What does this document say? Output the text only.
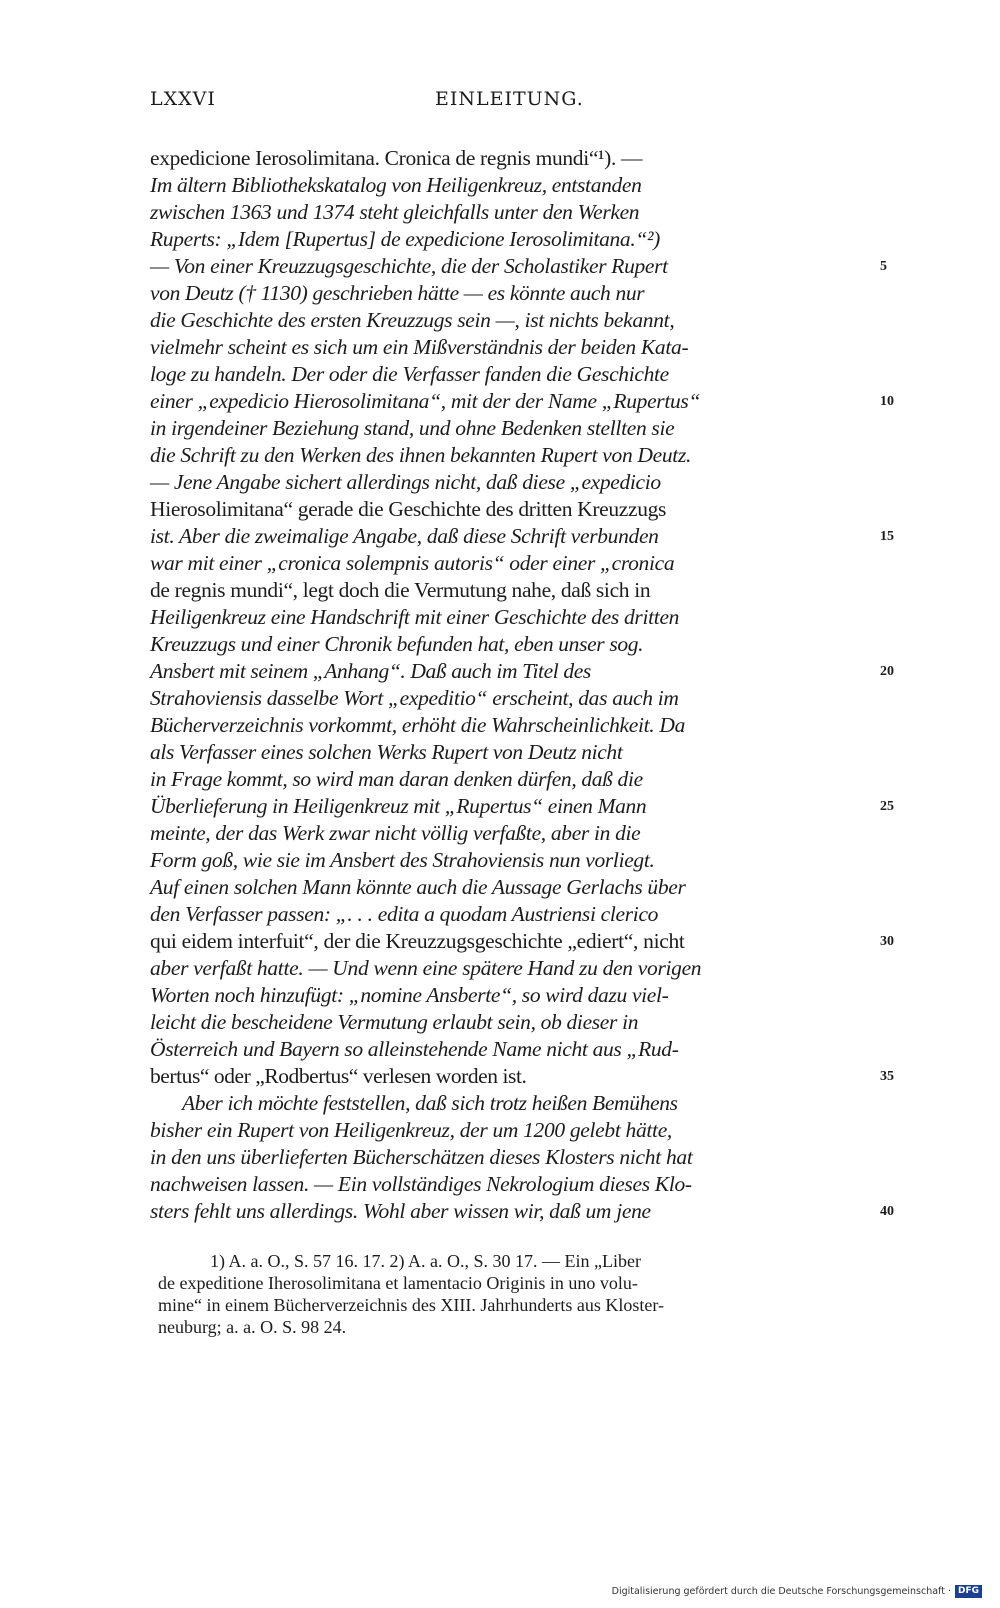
LXXVI	EINLEITUNG.
expedicione Ierosolimitana. Cronica de regnis mundi“¹). —
Im ältern Bibliothekskatalog von Heiligenkreuz, entstanden
zwischen 1363 und 1374 steht gleichfalls unter den Werken
Ruperts: „Idem [Rupertus] de expedicione Ierosolimitana.“²)
— Von einer Kreuzzugsgeschichte, die der Scholastiker Rupert	5
von Deutz († 1130) geschrieben hätte — es könnte auch nur
die Geschichte des ersten Kreuzzugs sein —, ist nichts bekannt,
vielmehr scheint es sich um ein Mißverständnis der beiden Kata-
loge zu handeln. Der oder die Verfasser fanden die Geschichte
einer „expedicio Hierosolimitana“, mit der der Name „Rupertus“	10
in irgendeiner Beziehung stand, und ohne Bedenken stellten sie
die Schrift zu den Werken des ihnen bekannten Rupert von Deutz.
— Jene Angabe sichert allerdings nicht, daß diese „expedicio
Hierosolimitana“ gerade die Geschichte des dritten Kreuzzugs
ist. Aber die zweimalige Angabe, daß diese Schrift verbunden	15
war mit einer „cronica solempnis autoris“ oder einer „cronica
de regnis mundi“, legt doch die Vermutung nahe, daß sich in
Heiligenkreuz eine Handschrift mit einer Geschichte des dritten
Kreuzzugs und einer Chronik befunden hat, eben unser sog.
Ansbert mit seinem „Anhang“. Daß auch im Titel des	20
Strahoviensis dasselbe Wort „expeditio“ erscheint, das auch im
Bücherverzeichnis vorkommt, erhöht die Wahrscheinlichkeit. Da
als Verfasser eines solchen Werks Rupert von Deutz nicht
in Frage kommt, so wird man daran denken dürfen, daß die
Überlieferung in Heiligenkreuz mit „Rupertus“ einen Mann	25
meinte, der das Werk zwar nicht völlig verfaßte, aber in die
Form goß, wie sie im Ansbert des Strahoviensis nun vorliegt.
Auf einen solchen Mann könnte auch die Aussage Gerlachs über
den Verfasser passen: „. . . edita a quodam Austriensi clerico
qui eidem interfuit“, der die Kreuzzugsgeschichte „ediert“, nicht	30
aber verfaßt hatte. — Und wenn eine spätere Hand zu den vorigen
Worten noch hinzufügt: „nomine Ansberte“, so wird dazu viel-
leicht die bescheidene Vermutung erlaubt sein, ob dieser in
Österreich und Bayern so alleinstehende Name nicht aus „Rud-
bertus“ oder „Rodbertus“ verlesen worden ist.	35
Aber ich möchte feststellen, daß sich trotz heißen Bemühens
bisher ein Rupert von Heiligenkreuz, der um 1200 gelebt hätte,
in den uns überlieferten Bücherschätzen dieses Klosters nicht hat
nachweisen lassen. — Ein vollständiges Nekrologium dieses Klo-
sters fehlt uns allerdings. Wohl aber wissen wir, daß um jene	40
1) A. a. O., S. 57 16. 17. 2) A. a. O., S. 30 17. — Ein „Liber
de expeditione Iherosolimitana et lamentacio Originis in uno volu-
mine“ in einem Bücherverzeichnis des XIII. Jahrhunderts aus Kloster-
neuburg; a. a. O. S. 98 24.
Digitalisierung gefördert durch die Deutsche Forschungsgemeinschaft · DFG
